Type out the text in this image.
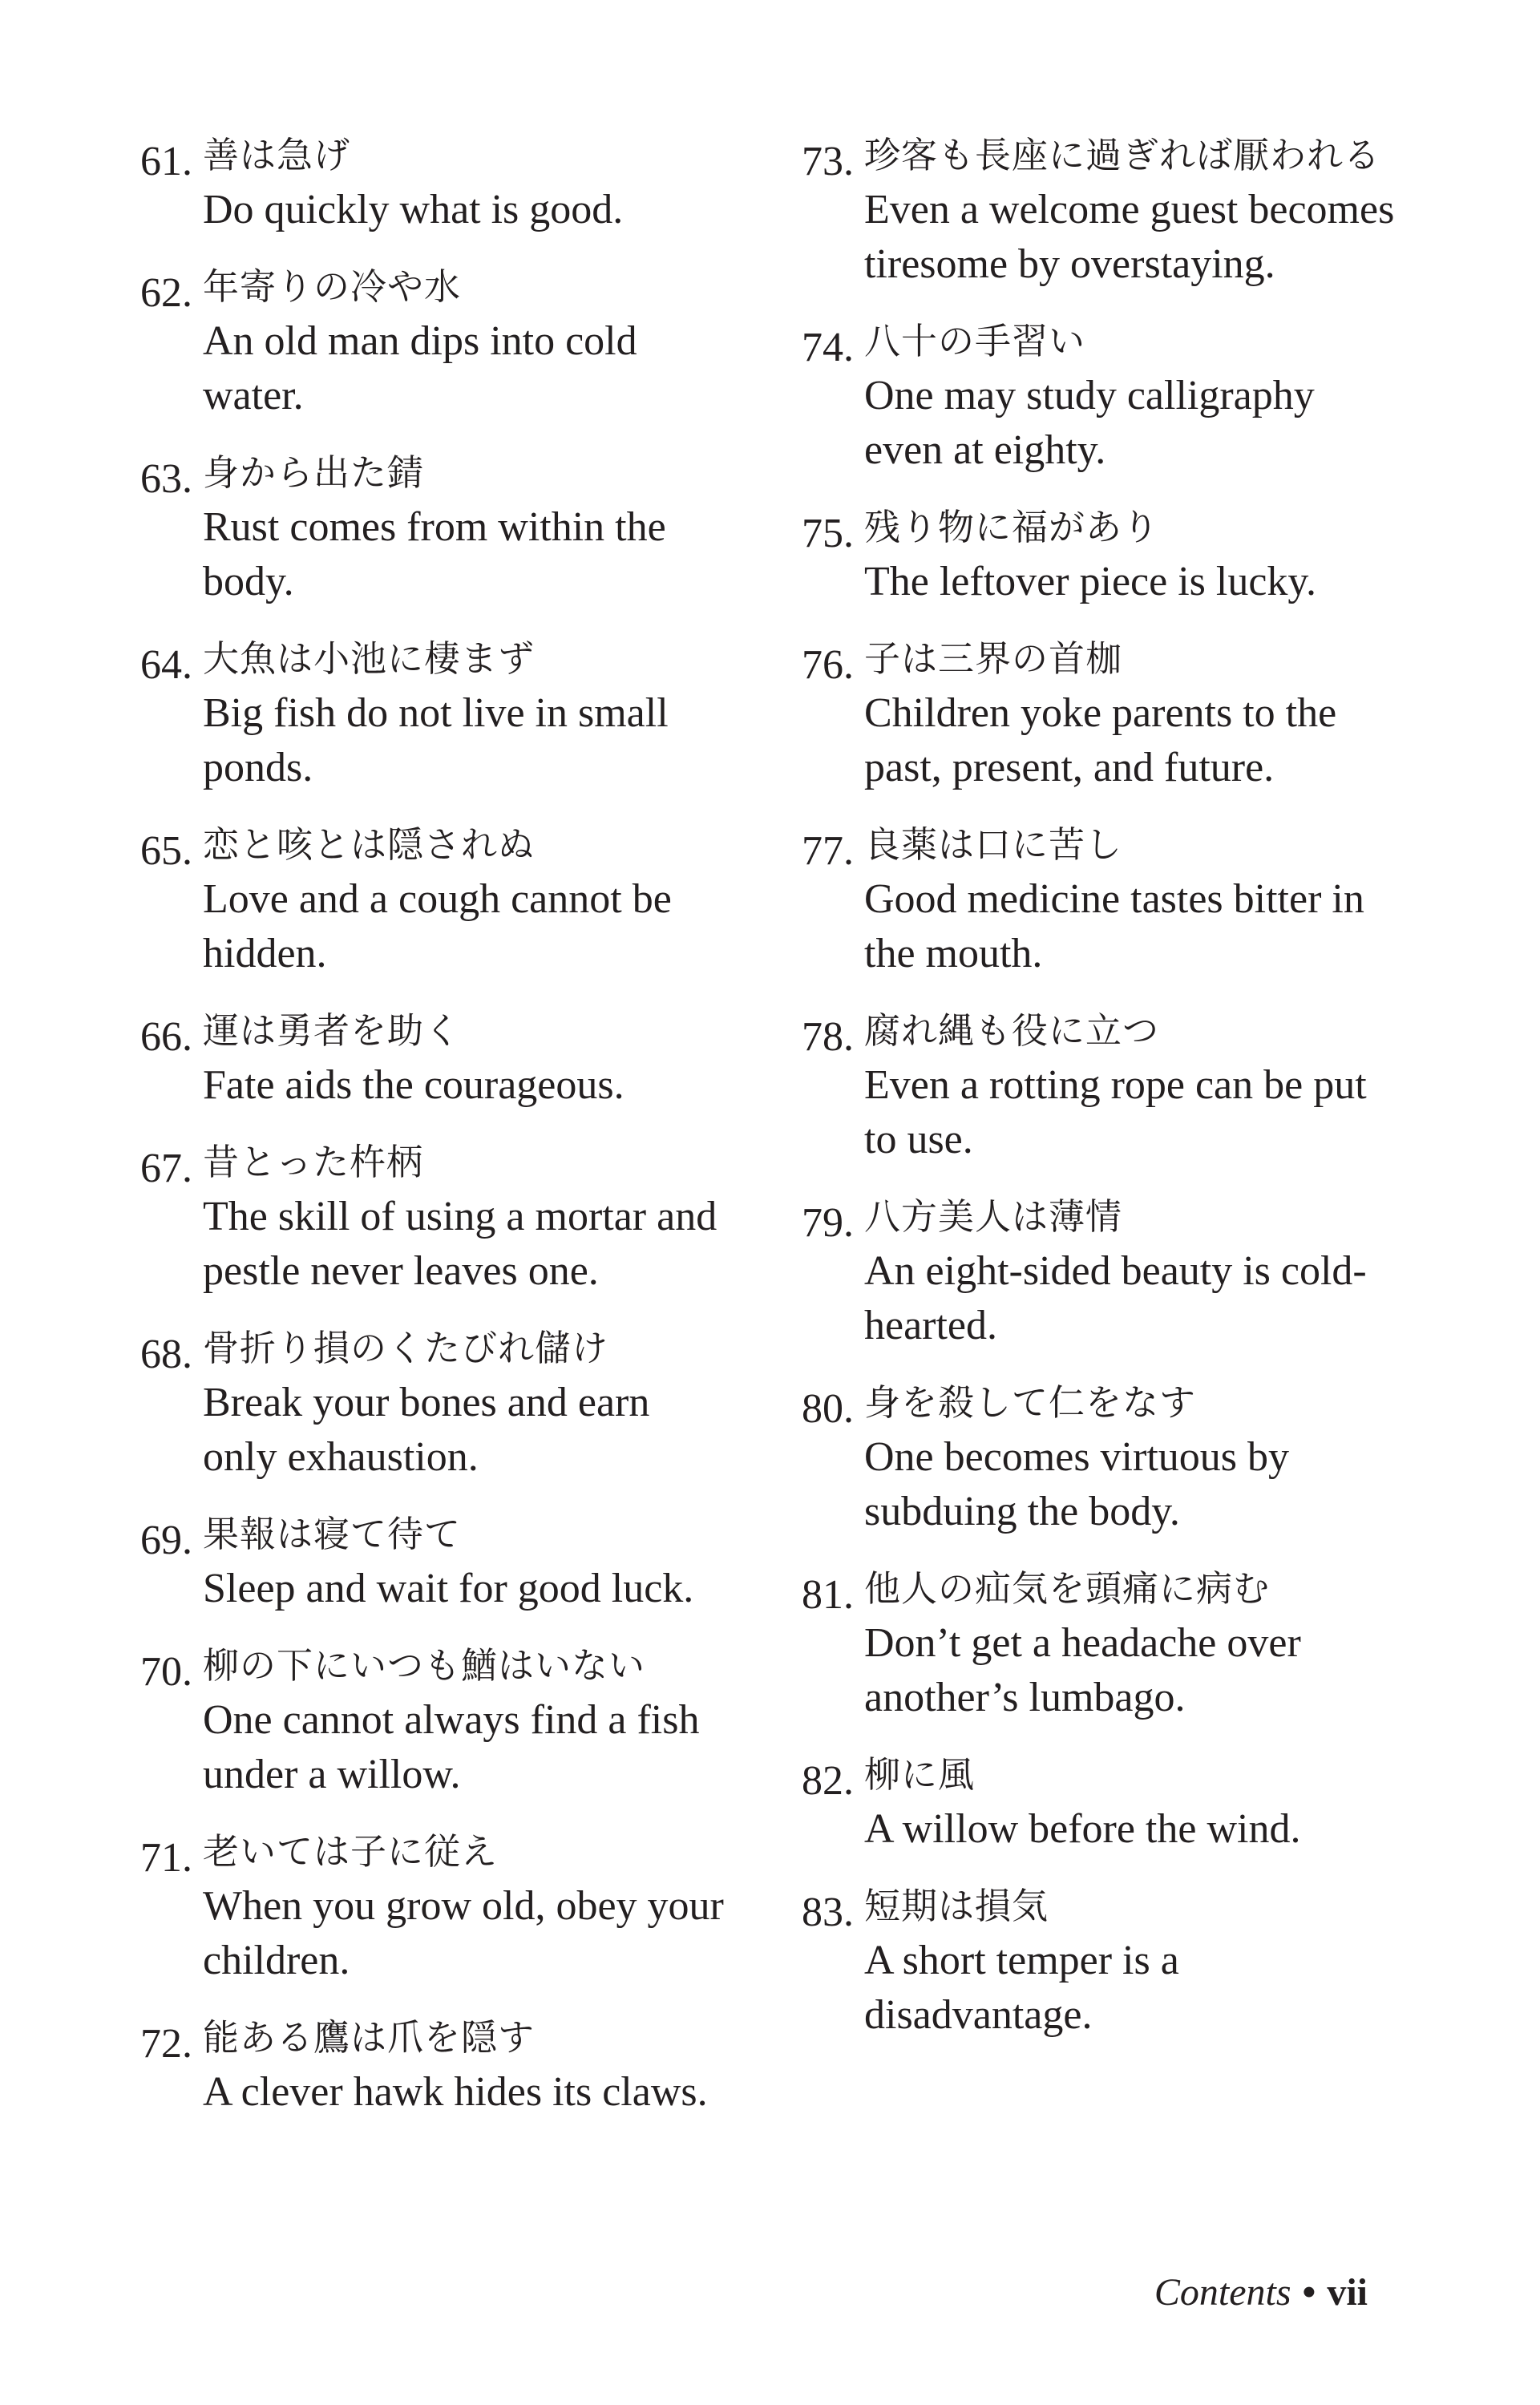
61. 善は急げ
Do quickly what is good.
62. 年寄りの冷や水
An old man dips into cold water.
63. 身から出た錆
Rust comes from within the body.
64. 大魚は小池に棲まず
Big fish do not live in small ponds.
65. 恋と咳とは隠されぬ
Love and a cough cannot be hidden.
66. 運は勇者を助く
Fate aids the courageous.
67. 昔とった杵柄
The skill of using a mortar and pestle never leaves one.
68. 骨折り損のくたびれ儲け
Break your bones and earn only exhaustion.
69. 果報は寝て待て
Sleep and wait for good luck.
70. 柳の下にいつも鰌はいない
One cannot always find a fish under a willow.
71. 老いては子に従え
When you grow old, obey your children.
72. 能ある鷹は爪を隠す
A clever hawk hides its claws.
73. 珍客も長座に過ぎれば厭われる
Even a welcome guest becomes tiresome by overstaying.
74. 八十の手習い
One may study calligraphy even at eighty.
75. 残り物に福があり
The leftover piece is lucky.
76. 子は三界の首枷
Children yoke parents to the past, present, and future.
77. 良薬は口に苦し
Good medicine tastes bitter in the mouth.
78. 腐れ縄も役に立つ
Even a rotting rope can be put to use.
79. 八方美人は薄情
An eight-sided beauty is cold-hearted.
80. 身を殺して仁をなす
One becomes virtuous by subduing the body.
81. 他人の疝気を頭痛に病む
Don’t get a headache over another’s lumbago.
82. 柳に風
A willow before the wind.
83. 短期は損気
A short temper is a disadvantage.
Contents • vii
